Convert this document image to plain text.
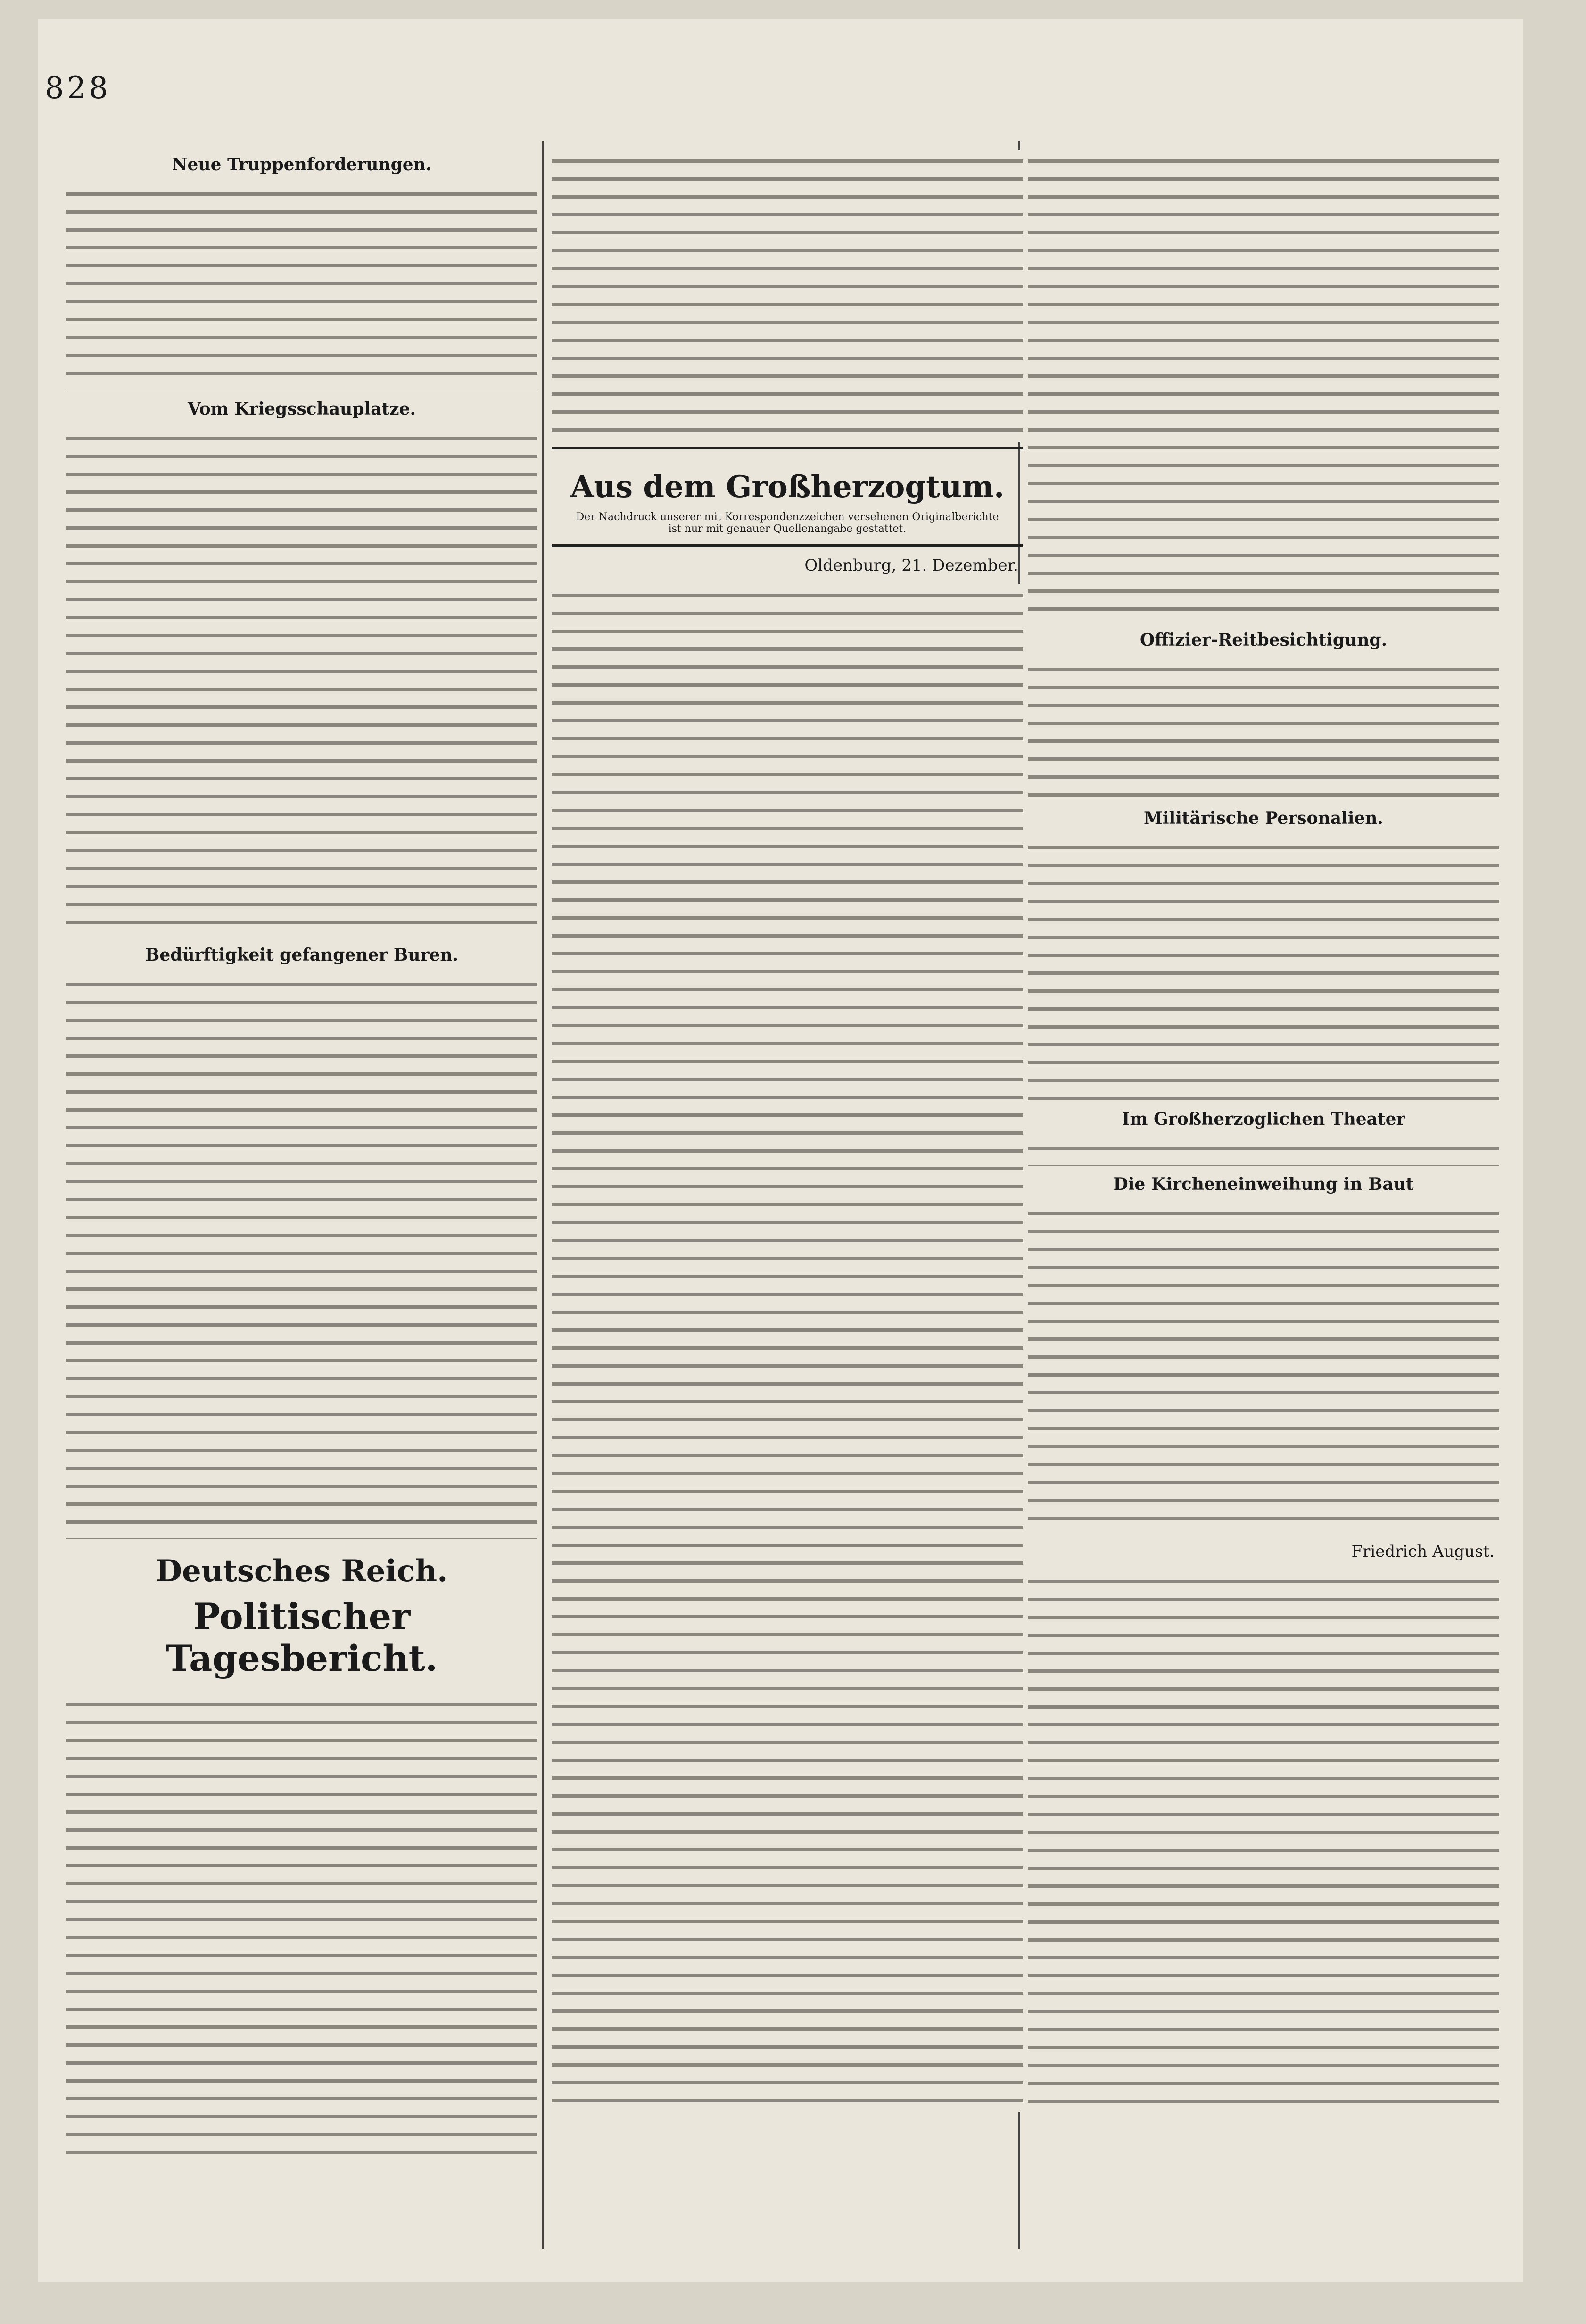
828
Neue Truppenforderungen.
Vom Kriegsschauplatze.
Bedürftigkeit gefangener Buren.
Deutsches Reich.
Politischer Tagesbericht.
Aus dem Großherzogtum.
Der Nachdruck unserer mit Korrespondenzzeichen versehenen Originalberichte ist nur mit genauer Quellenangabe gestattet.
Oldenburg, 21. Dezember.
Offizier-Reitbesichtigung.
Militärische Personalien.
Im Großherzoglichen Theater
Die Kircheneinweihung in Baut
Friedrich August.
